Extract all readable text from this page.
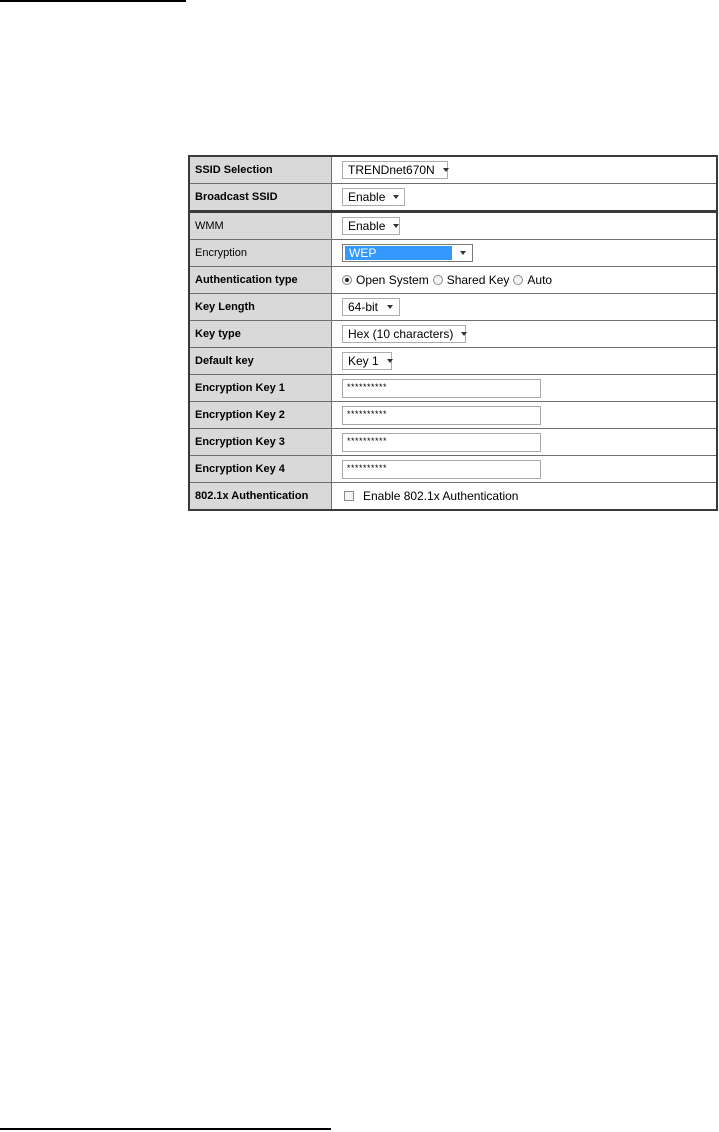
SSID Selection	TRENDnet670N
Broadcast SSID	Enable
WMM	Enable
Encryption	WEP
Authentication type	Open System Shared Key Auto
Key Length	64-bit
Key type	Hex (10 characters)
Default key	Key 1
Encryption Key 1	**********
Encryption Key 2	**********
Encryption Key 3	**********
Encryption Key 4	**********
802.1x Authentication	Enable 802.1x Authentication
